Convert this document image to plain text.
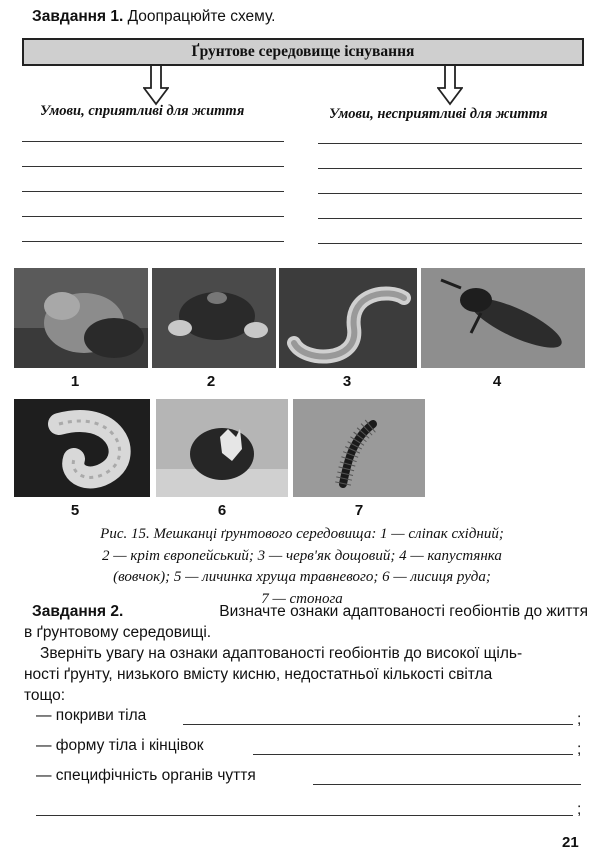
Завдання 1. Доопрацюйте схему.
Ґрунтове середовище існування
Умови, сприятливі для життя	Умови, несприятливі для життя
1	2	3	4
5	6	7
Рис. 15. Мешканці ґрунтового середовища: 1 — сліпак східний;
2 — кріт європейський; 3 — черв'як дощовий; 4 — капустянка
(вовчок); 5 — личинка хруща травневого; 6 — лисиця руда;
7 — стонога
Завдання 2.	Визначте ознаки адаптованості геобіонтів до життя
в ґрунтовому середовищі.
Зверніть увагу на ознаки адаптованості геобіонтів до високої щіль-
ності ґрунту, низького вмісту кисню, недостатньої кількості світла
тощо:
— покриви тіла	;
— форму тіла і кінцівок	;
— специфічність органів чуття
;
21
